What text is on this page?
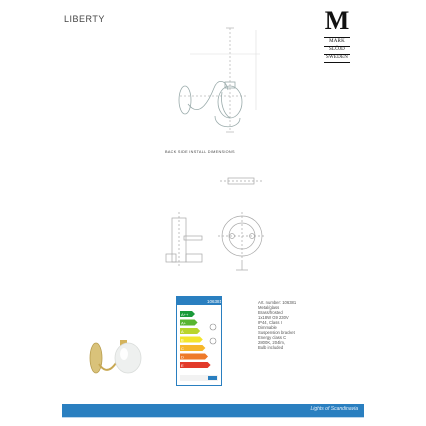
LIBERTY	M
MARK
SLÖJD
SWEDEN
BACK SIDE INSTALL DIMENSIONS
106381
A++
A+
A
B
C
D
E
Art. number: 106381
Metal/glass
Brass/frosted
1x18W G9 230V
IP44, Class I
Dimmable
Suspension bracket
Energy class C
2800K, 204lm,
Bulb included
Lights of Scandinavia
